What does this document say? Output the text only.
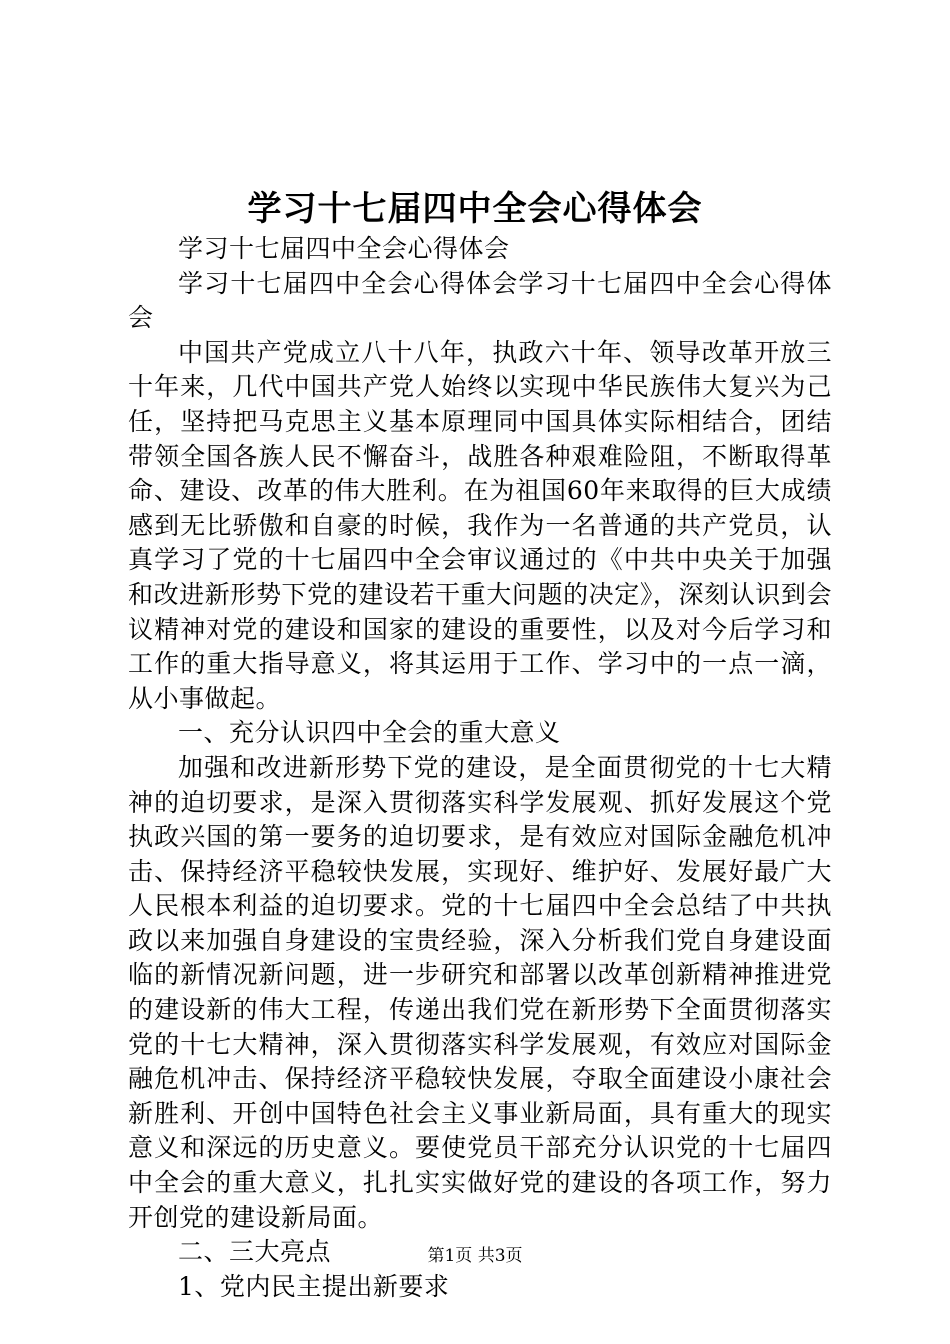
学习十七届四中全会心得体会

学习十七届四中全会心得体会

学习十七届四中全会心得体会学习十七届四中全会心得体会

中国共产党成立八十八年，执政六十年、领导改革开放三十年来，几代中国共产党人始终以实现中华民族伟大复兴为己任，坚持把马克思主义基本原理同中国具体实际相结合，团结带领全国各族人民不懈奋斗，战胜各种艰难险阻，不断取得革命、建设、改革的伟大胜利。在为祖国60年来取得的巨大成绩感到无比骄傲和自豪的时候，我作为一名普通的共产党员，认真学习了党的十七届四中全会审议通过的《中共中央关于加强和改进新形势下党的建设若干重大问题的决定》，深刻认识到会议精神对党的建设和国家的建设的重要性，以及对今后学习和工作的重大指导意义，将其运用于工作、学习中的一点一滴，从小事做起。

一、充分认识四中全会的重大意义

加强和改进新形势下党的建设，是全面贯彻党的十七大精神的迫切要求，是深入贯彻落实科学发展观、抓好发展这个党执政兴国的第一要务的迫切要求，是有效应对国际金融危机冲击、保持经济平稳较快发展，实现好、维护好、发展好最广大人民根本利益的迫切要求。党的十七届四中全会总结了中共执政以来加强自身建设的宝贵经验，深入分析我们党自身建设面临的新情况新问题，进一步研究和部署以改革创新精神推进党的建设新的伟大工程，传递出我们党在新形势下全面贯彻落实党的十七大精神，深入贯彻落实科学发展观，有效应对国际金融危机冲击、保持经济平稳较快发展，夺取全面建设小康社会新胜利、开创中国特色社会主义事业新局面，具有重大的现实意义和深远的历史意义。要使党员干部充分认识党的十七届四中全会的重大意义，扎扎实实做好党的建设的各项工作，努力开创党的建设新局面。

二、三大亮点

1、党内民主提出新要求

第1页 共3页
